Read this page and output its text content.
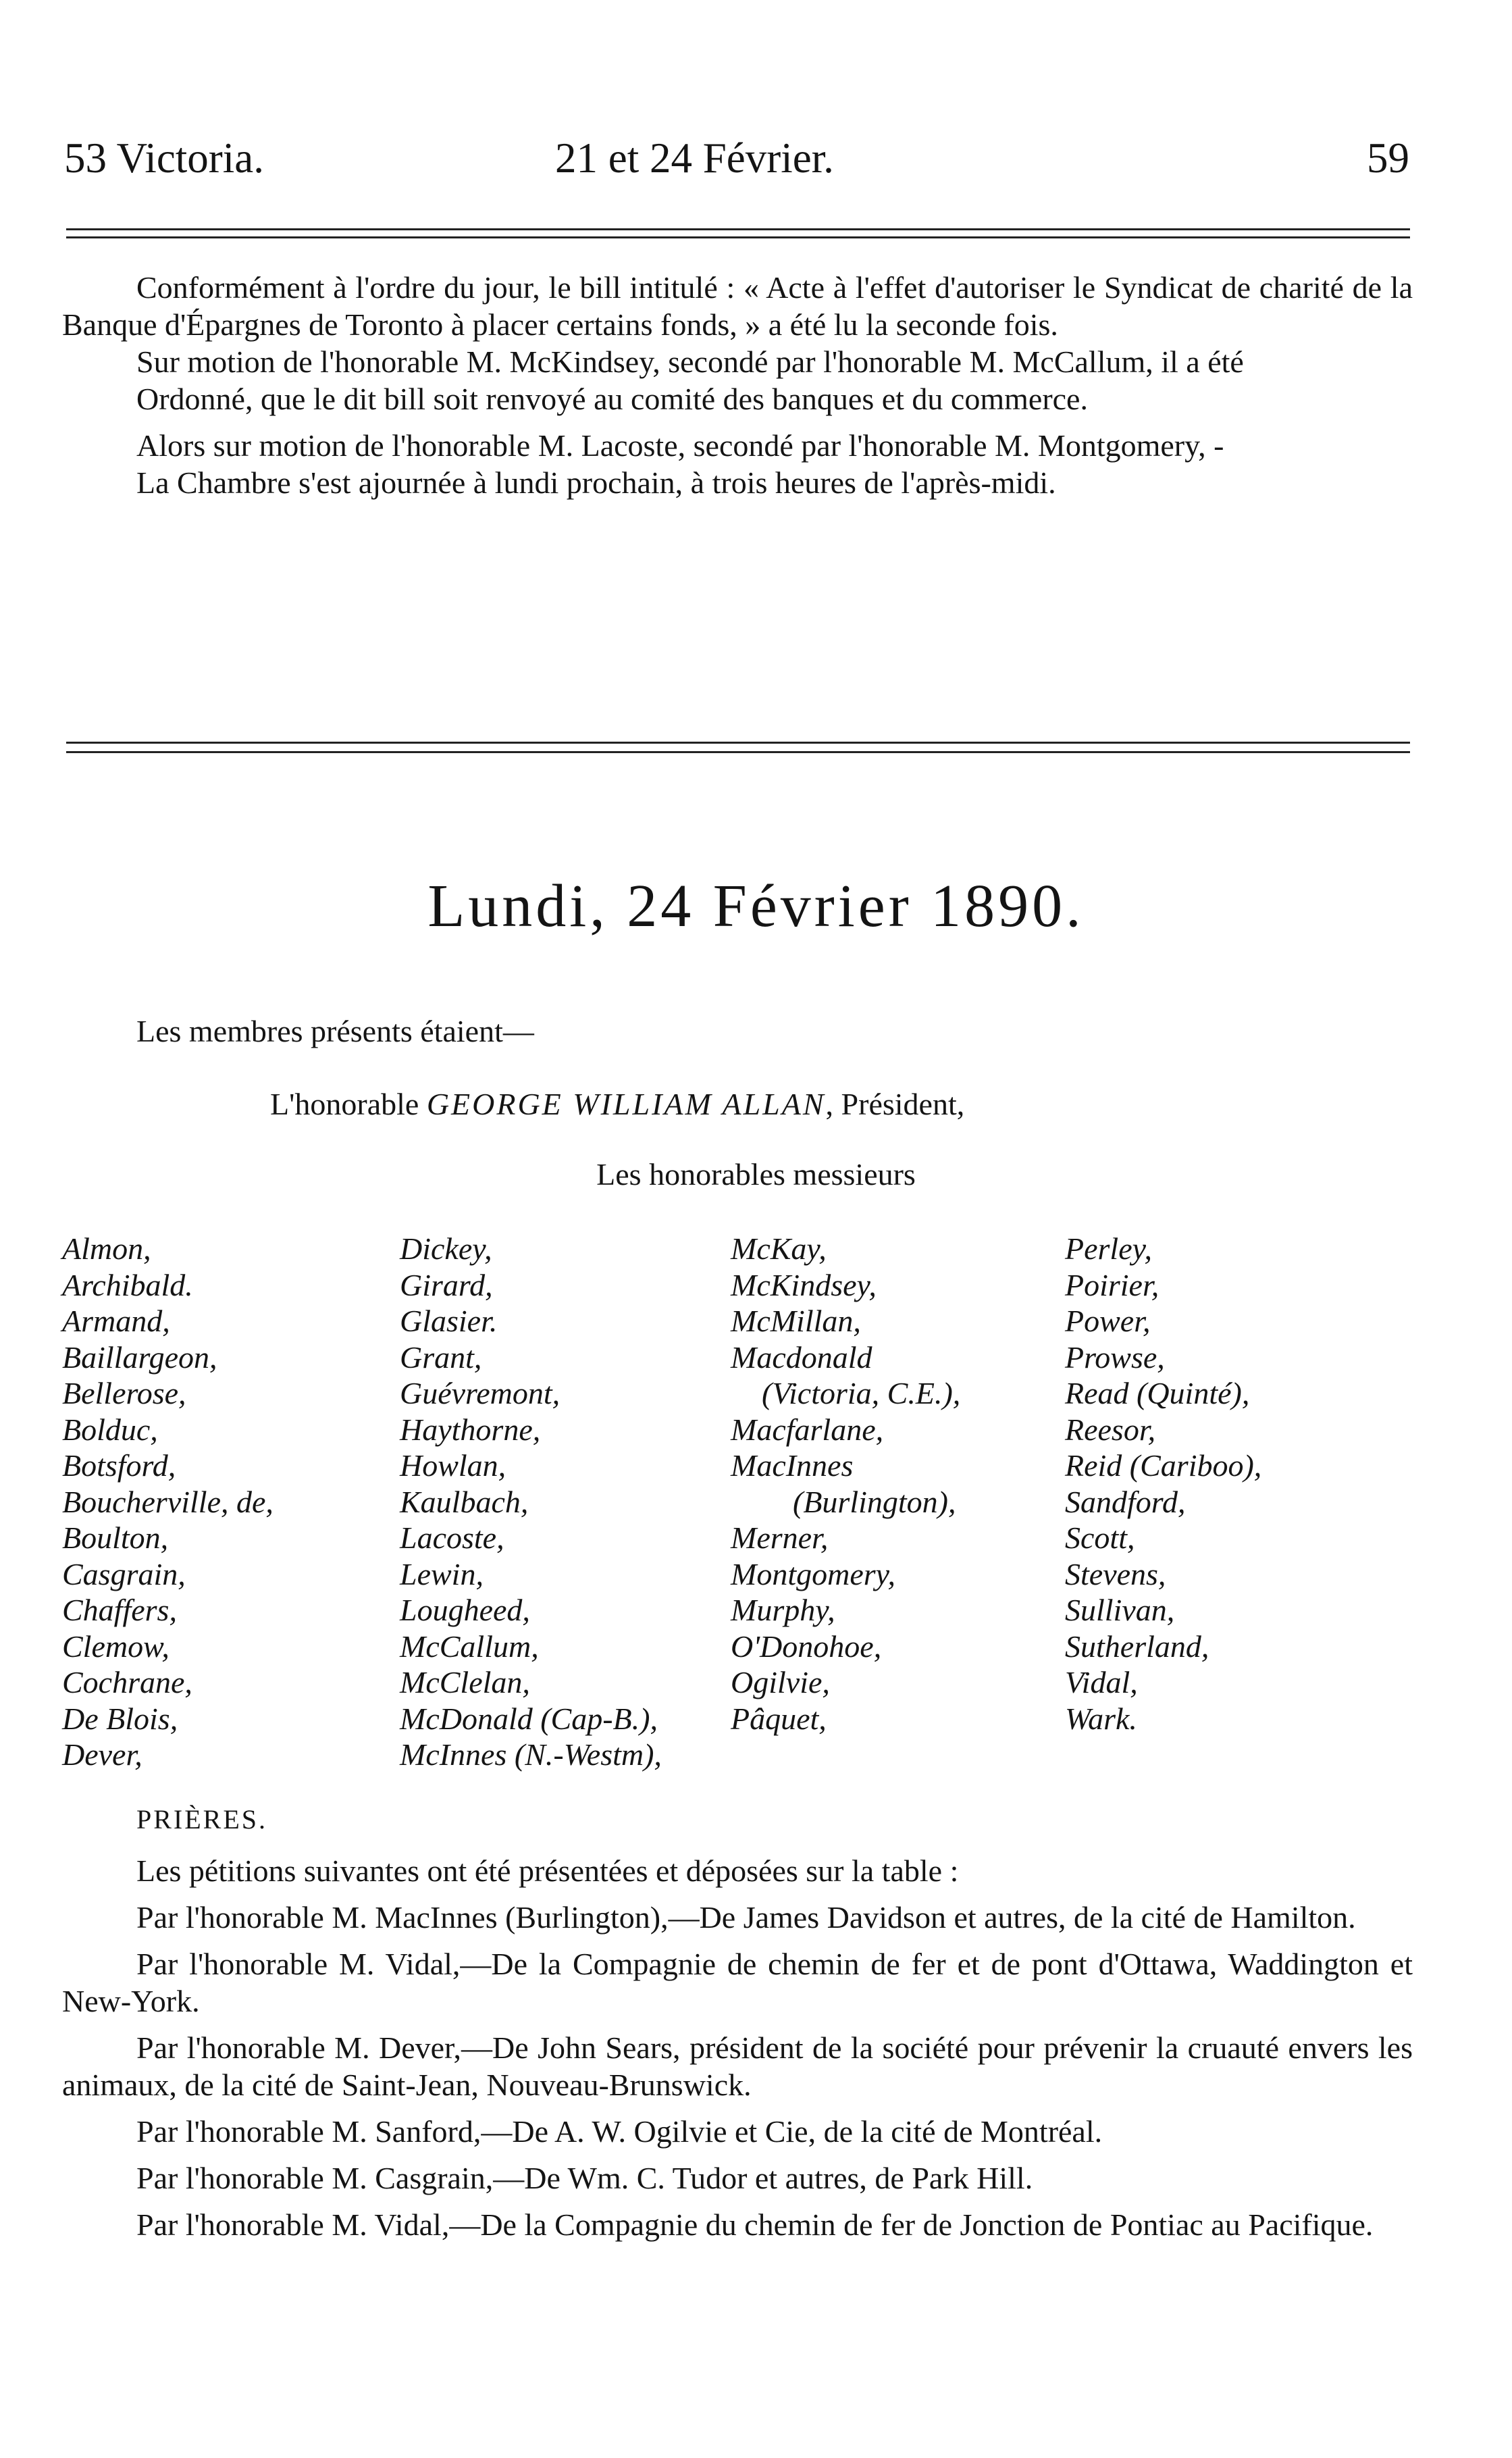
53 Victoria.	21 et 24 Février.	59

Conformément à l'ordre du jour, le bill intitulé : « Acte à l'effet d'autoriser le Syndicat de charité de la Banque d'Épargnes de Toronto à placer certains fonds, » a été lu la seconde fois.

Sur motion de l'honorable M. McKindsey, secondé par l'honorable M. McCallum, il a été

Ordonné, que le dit bill soit renvoyé au comité des banques et du commerce.

Alors sur motion de l'honorable M. Lacoste, secondé par l'honorable M. Montgomery, -

La Chambre s'est ajournée à lundi prochain, à trois heures de l'après-midi.

Lundi, 24 Février 1890.
Les membres présents étaient—
L'honorable GEORGE WILLIAM ALLAN, Président,
Les honorables messieurs
Almon,
Archibald.
Armand,
Baillargeon,
Bellerose,
Bolduc,
Botsford,
Boucherville, de,
Boulton,
Casgrain,
Chaffers,
Clemow,
Cochrane,
De Blois,
Dever,
Dickey,
Girard,
Glasier.
Grant,
Guévremont,
Haythorne,
Howlan,
Kaulbach,
Lacoste,
Lewin,
Lougheed,
McCallum,
McClelan,
McDonald (Cap-B.),
McInnes (N.-Westm),
McKay,
McKindsey,
McMillan,
Macdonald
(Victoria, C.E.),
Macfarlane,
MacInnes
(Burlington),
Merner,
Montgomery,
Murphy,
O'Donohoe,
Ogilvie,
Pâquet,
Perley,
Poirier,
Power,
Prowse,
Read (Quinté),
Reesor,
Reid (Cariboo),
Sandford,
Scott,
Stevens,
Sullivan,
Sutherland,
Vidal,
Wark.
PRIÈRES.

Les pétitions suivantes ont été présentées et déposées sur la table :

Par l'honorable M. MacInnes (Burlington),—De James Davidson et autres, de la cité de Hamilton.

Par l'honorable M. Vidal,—De la Compagnie de chemin de fer et de pont d'Ottawa, Waddington et New-York.

Par l'honorable M. Dever,—De John Sears, président de la société pour prévenir la cruauté envers les animaux, de la cité de Saint-Jean, Nouveau-Brunswick.

Par l'honorable M. Sanford,—De A. W. Ogilvie et Cie, de la cité de Montréal.

Par l'honorable M. Casgrain,—De Wm. C. Tudor et autres, de Park Hill.

Par l'honorable M. Vidal,—De la Compagnie du chemin de fer de Jonction de Pontiac au Pacifique.
